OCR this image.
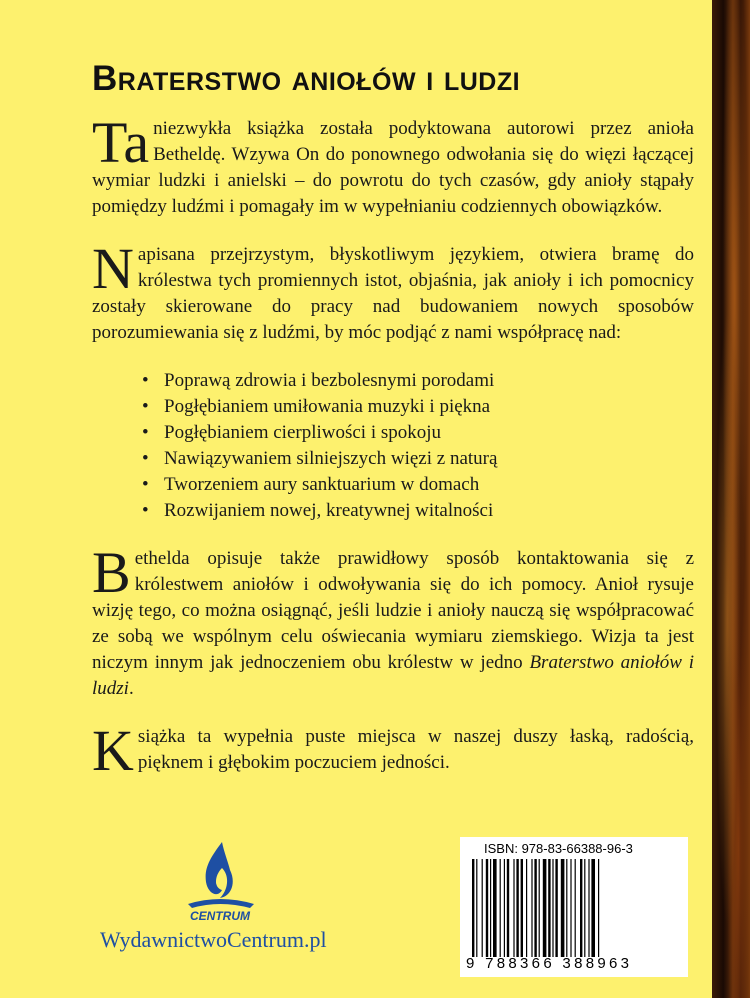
Braterstwo aniołów i ludzi

Ta niezwykła książka została podyktowana autorowi przez anioła Betheldę. Wzywa On do ponownego odwołania się do więzi łączącej wymiar ludzki i anielski – do powrotu do tych czasów, gdy anioły stąpały pomiędzy ludźmi i pomagały im w wypełnianiu codziennych obowiązków.

Napisana przejrzystym, błyskotliwym językiem, otwiera bramę do królestwa tych promiennych istot, objaśnia, jak anioły i ich pomocnicy zostały skierowane do pracy nad budowaniem nowych sposobów porozumiewania się z ludźmi, by móc podjąć z nami współpracę nad:

• Poprawą zdrowia i bezbolesnymi porodami
• Pogłębianiem umiłowania muzyki i piękna
• Pogłębianiem cierpliwości i spokoju
• Nawiązywaniem silniejszych więzi z naturą
• Tworzeniem aury sanktuarium w domach
• Rozwijaniem nowej, kreatywnej witalności

Bethelda opisuje także prawidłowy sposób kontaktowania się z królestwem aniołów i odwoływania się do ich pomocy. Anioł rysuje wizję tego, co można osiągnąć, jeśli ludzie i anioły nauczą się współpracować ze sobą we wspólnym celu oświecania wymiaru ziemskiego. Wizja ta jest niczym innym jak jednoczeniem obu królestw w jedno Braterstwo aniołów i ludzi.

Książka ta wypełnia puste miejsca w naszej duszy łaską, radością, pięknem i głębokim poczuciem jedności.

CENTRUM
WydawnictwoCentrum.pl
ISBN: 978-83-66388-96-3
9 788366 388963
